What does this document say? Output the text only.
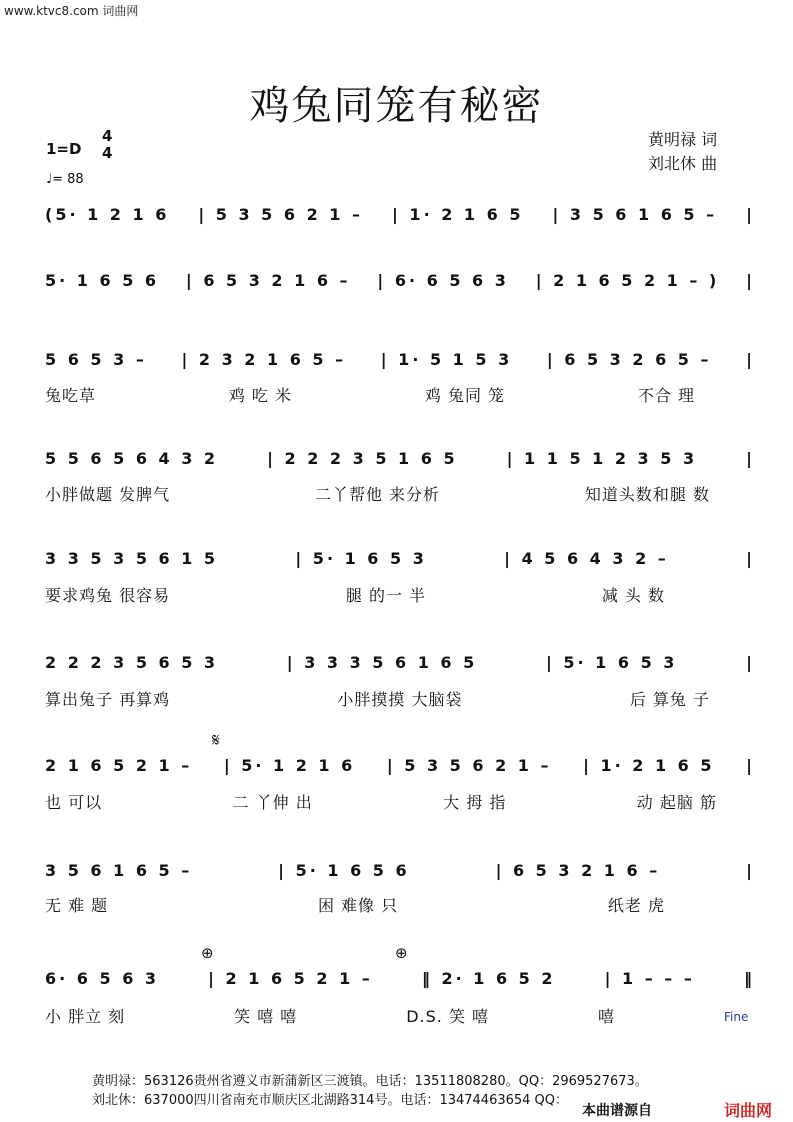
www.ktvc8.com 词曲网
鸡兔同笼有秘密
1=D
4
4
♩= 88
黄明禄 词
刘北休 曲
(5· 1 2 1 6 | 5 3 5 6 2 1 – | 1· 2 1 6 5 | 3 5 6 1 6 5 – |
5· 1 6 5 6 | 6 5 3 2 1 6 – | 6· 6 5 6 3 | 2 1 6 5 2 1 – ) |
5 6 5 3 – | 2 3 2 1 6 5 – | 1· 5 1 5 3 | 6 5 3 2 6 5 – |
兔吃草	鸡 吃 米	鸡 兔同 笼	不合 理
5 5 6 5 6 4 3 2	| 2 2 2 3 5 1 6 5	| 1 1 5 1 2 3 5 3	|
小胖做题 发脾气	二丫帮他 来分析	知道头数和腿 数
3 3 5 3 5 6 1 5	| 5· 1 6 5 3	| 4 5 6 4 3 2 –	|
要求鸡兔 很容易	腿 的一 半	减 头 数
2 2 2 3 5 6 5 3	| 3 3 3 5 6 1 6 5	| 5· 1 6 5 3	|
算出兔子 再算鸡	小胖摸摸 大脑袋	后 算兔 子
𝄋
2 1 6 5 2 1 – | 5· 1 2 1 6 | 5 3 5 6 2 1 – | 1· 2 1 6 5 |
也 可以	二 丫伸 出	大 拇 指	动 起脑 筋
3 5 6 1 6 5 –	| 5· 1 6 5 6	| 6 5 3 2 1 6 –	|
无 难 题	困 难像 只	纸老 虎
⊕	⊕
6· 6 5 6 3	| 2 1 6 5 2 1 –	‖ 2· 1 6 5 2	| 1 – – –	‖
小 胖立 刻	笑 嘻 嘻	D.S. 笑 嘻	嘻	Fine
黄明禄：563126贵州省遵义市新蒲新区三渡镇。电话：13511808280。QQ：2969527673。
刘北休：637000四川省南充市顺庆区北湖路314号。电话：13474463654 QQ：
本曲谱源自	词曲网
